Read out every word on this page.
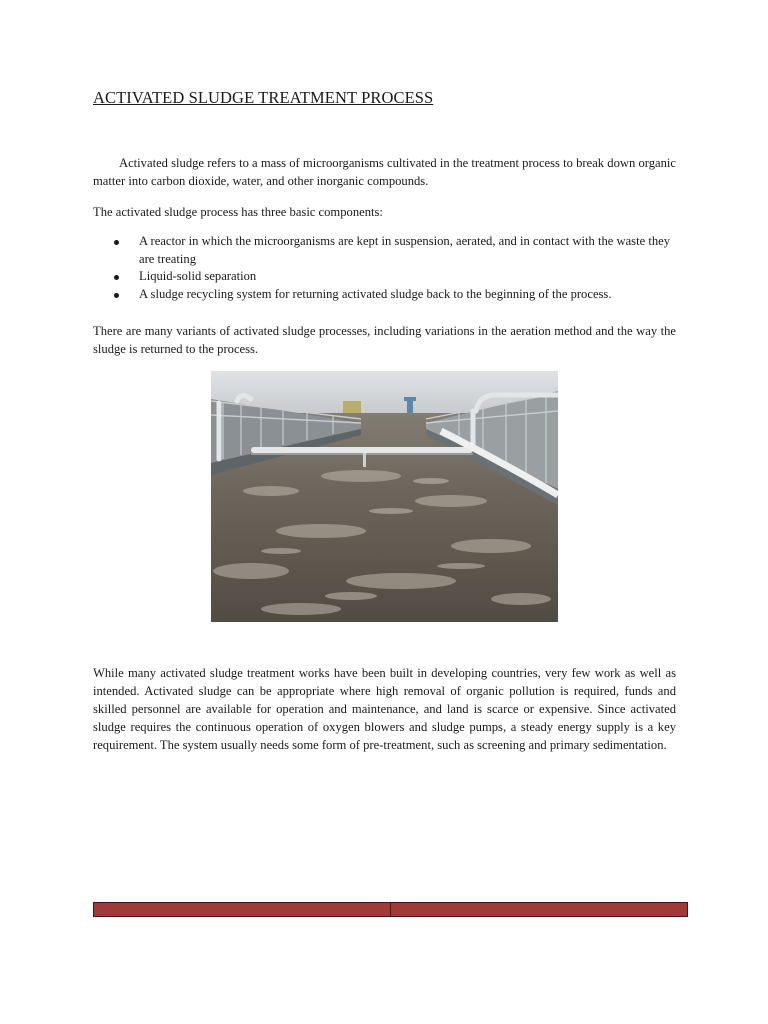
ACTIVATED SLUDGE TREATMENT PROCESS

Activated sludge refers to a mass of microorganisms cultivated in the treatment process to break down organic matter into carbon dioxide, water, and other inorganic compounds.

The activated sludge process has three basic components:

A reactor in which the microorganisms are kept in suspension, aerated, and in contact with the waste they are treating
Liquid-solid separation
A sludge recycling system for returning activated sludge back to the beginning of the process.

There are many variants of activated sludge processes, including variations in the aeration method and the way the sludge is returned to the process.

While many activated sludge treatment works have been built in developing countries, very few work as well as intended. Activated sludge can be appropriate where high removal of organic pollution is required, funds and skilled personnel are available for operation and maintenance, and land is scarce or expensive. Since activated sludge requires the continuous operation of oxygen blowers and sludge pumps, a steady energy supply is a key requirement. The system usually needs some form of pre-treatment, such as screening and primary sedimentation.
